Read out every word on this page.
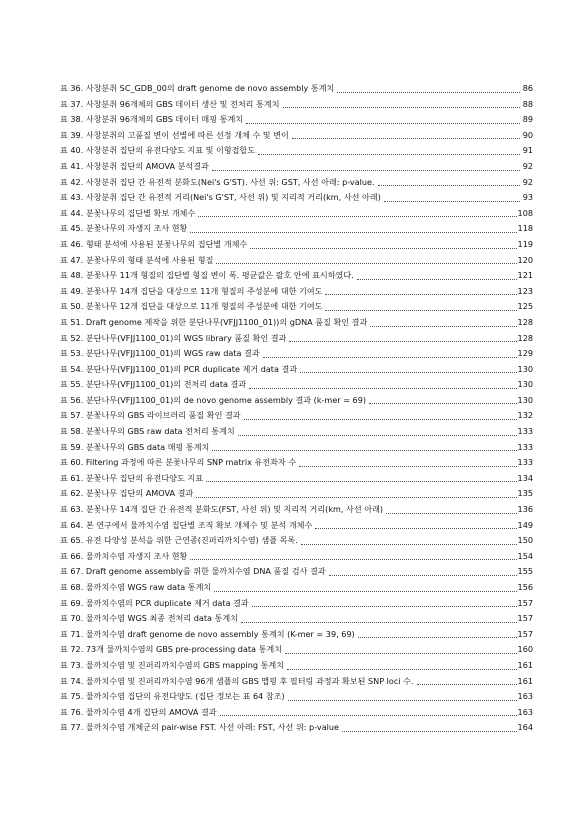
표 36. 사창분취 SC_GDB_00의 draft genome de novo assembly 통계치	86
표 37. 사창분취 96개체의 GBS 데이터 생산 및 전처리 통계치	88
표 38. 사창분취 96개체의 GBS 데이터 매핑 통계치	89
표 39. 사창분취의 고품질 변이 선별에 따른 선정 개체 수 및 변이	90
표 40. 사창분취 집단의 유전다양도 지표 및 이형접합도	91
표 41. 사창분취 집단의 AMOVA 분석결과	92
표 42. 사창분취 집단 간 유전적 분화도(Nei's G'ST). 사선 위: GST, 사선 아래: p-value.	92
표 43. 사창분취 집단 간 유전적 거리(Nei's G'ST, 사선 위) 및 지리적 거리(km, 사선 아래)	93
표 44. 분꽃나무의 집단별 확보 개체수	108
표 45. 분꽃나무의 자생지 조사 현황	118
표 46. 형태 분석에 사용된 분꽃나무의 집단별 개체수	119
표 47. 분꽃나무의 형태 분석에 사용된 형질	120
표 48. 분꽃나무 11개 형질의 집단별 형질 변이 폭. 평균값은 괄호 안에 표시하였다.	121
표 49. 분꽃나무 14개 집단을 대상으로 11개 형질의 주성분에 대한 기여도	123
표 50. 분꽃나무 12개 집단을 대상으로 11개 형질의 주성분에 대한 기여도	125
표 51. Draft genome 제작을 위한 분단나무(VFJJ1100_01))의 gDNA 품질 확인 결과	128
표 52. 분단나무(VFJJ1100_01)의 WGS library 품질 확인 결과	128
표 53. 분단나무(VFJJ1100_01)의 WGS raw data 결과	129
표 54. 분단나무(VFJJ1100_01)의 PCR duplicate 제거 data 결과	130
표 55. 분단나무(VFJJ1100_01)의 전처리 data 결과	130
표 56. 분단나무(VFJJ1100_01)의 de novo genome assembly 결과 (k-mer = 69)	130
표 57. 분꽃나무의 GBS 라이브러리 품질 확인 결과	132
표 58. 분꽃나무의 GBS raw data 전처리 통계치	133
표 59. 분꽃나무의 GBS data 매핑 통계치	133
표 60. Filtering 과정에 따른 분꽃나무의 SNP matrix 유전좌자 수	133
표 61. 분꽃나무 집단의 유전다양도 지표	134
표 62. 분꽃나무 집단의 AMOVA 결과	135
표 63. 분꽃나무 14개 집단 간 유전적 분화도(FST, 사선 위) 및 지리적 거리(km, 사선 아래)	136
표 64. 본 연구에서 물까치수염 집단별 조직 확보 개체수 및 분석 개체수	149
표 65. 유전 다양성 분석을 위한 근연종(진퍼리까치수염) 샘플 목록.	150
표 66. 물까치수염 자생지 조사 현황	154
표 67. Draft genome assembly를 위한 물까치수염 DNA 품질 검사 결과	155
표 68. 물까치수염 WGS raw data 통계치	156
표 69. 물까치수염의 PCR duplicate 제거 data 결과	157
표 70. 물까치수염 WGS 최종 전처리 data 통계치	157
표 71. 물까치수염 draft genome de novo assembly 통계치 (K-mer = 39, 69)	157
표 72. 73개 물까치수염의 GBS pre-processing data 통계치	160
표 73. 물까치수염 및 진퍼리까치수염의 GBS mapping 통계치	161
표 74. 물까치수염 및 진퍼리까치수염 96개 샘플의 GBS 맵핑 후 필터링 과정과 확보된 SNP loci 수.	161
표 75. 물까치수염 집단의 유전다양도 (집단 정보는 표 64 참조)	163
표 76. 물까치수염 4개 집단의 AMOVA 결과	163
표 77. 물까치수염 개체군의 pair-wise FST. 사선 아래: FST, 사선 위: p-value	164
